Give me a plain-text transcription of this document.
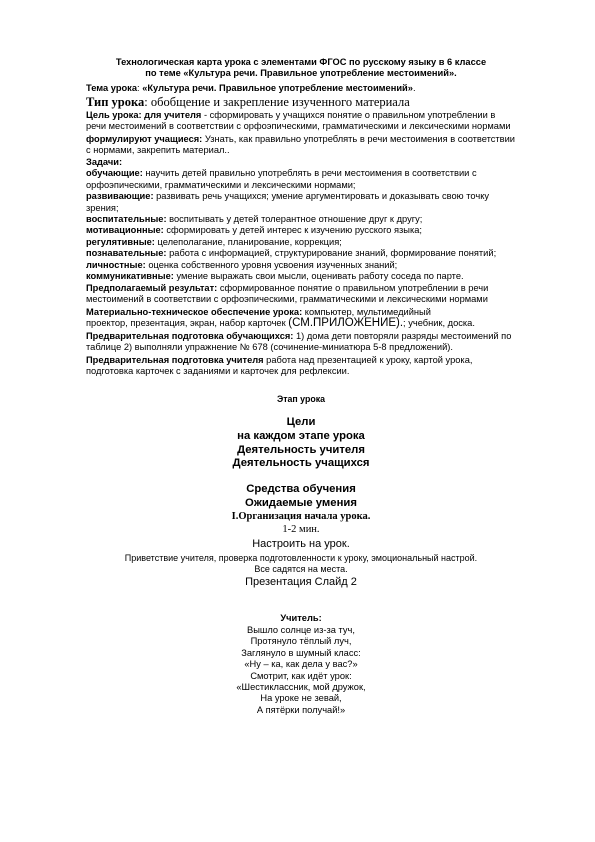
Технологическая карта урока с элементами ФГОС по русскому языку в 6 классе

по теме «Культура речи. Правильное употребление местоимений».

Тема урока: «Культура речи. Правильное употребление местоимений».
Тип урока: обобщение и закрепление изученного материала
Цель урока: для учителя - сформировать у учащихся понятие о правильном употреблении в речи местоимений в соответствии с орфоэпическими, грамматическими и лексическими нормами
формулируют учащиеся: Узнать, как правильно употреблять в речи местоимения в соответствии с нормами, закрепить материал..

Задачи:

обучающие: научить детей правильно употреблять в речи местоимения в соответствии с орфоэпическими, грамматическими и лексическими нормами;

развивающие: развивать речь учащихся; умение аргументировать и доказывать свою точку зрения;

воспитательные: воспитывать у детей толерантное отношение друг к другу;

мотивационные: сформировать у детей интерес к изучению русского языка;

регулятивные: целеполагание, планирование, коррекция;

познавательные: работа с информацией, структурирование знаний, формирование понятий;

личностные: оценка собственного уровня усвоения изученных знаний;

коммуникативные: умение выражать свои мысли, оценивать работу соседа по парте.

Предполагаемый результат: сформированное понятие о правильном употреблении в речи местоимений в соответствии с орфоэпическими, грамматическими и лексическими нормами
Материально-техническое обеспечение урока: компьютер, мультимедийный
проектор, презентация, экран, набор карточек (СМ.ПРИЛОЖЕНИЕ).; учебник, доска.
Предварительная подготовка обучающихся: 1) дома дети повторяли разряды местоимений по таблице 2) выполняли упражнение № 678 (сочинение-миниатюра 5-8 предложений).
Предварительная подготовка учителя работа над презентацией к уроку, картой урока, подготовка карточек с заданиями и карточек для рефлексии.
Этап урока

Цели

на каждом этапе урока

Деятельность учителя

Деятельность учащихся

Средства обучения

Ожидаемые умения

I.Организация начала урока.
1-2 мин.
Настроить на урок.
Приветствие учителя, проверка подготовленности к уроку, эмоциональный настрой.
Все садятся на места.
Презентация Слайд 2
Учитель:

Вышло солнце из-за туч,

Протянуло тёплый луч,

Заглянуло в шумный класс:

«Ну – ка, как дела у вас?»

Смотрит, как идёт урок:

«Шестиклассник, мой дружок,

На уроке не зевай,

А пятёрки получай!»
